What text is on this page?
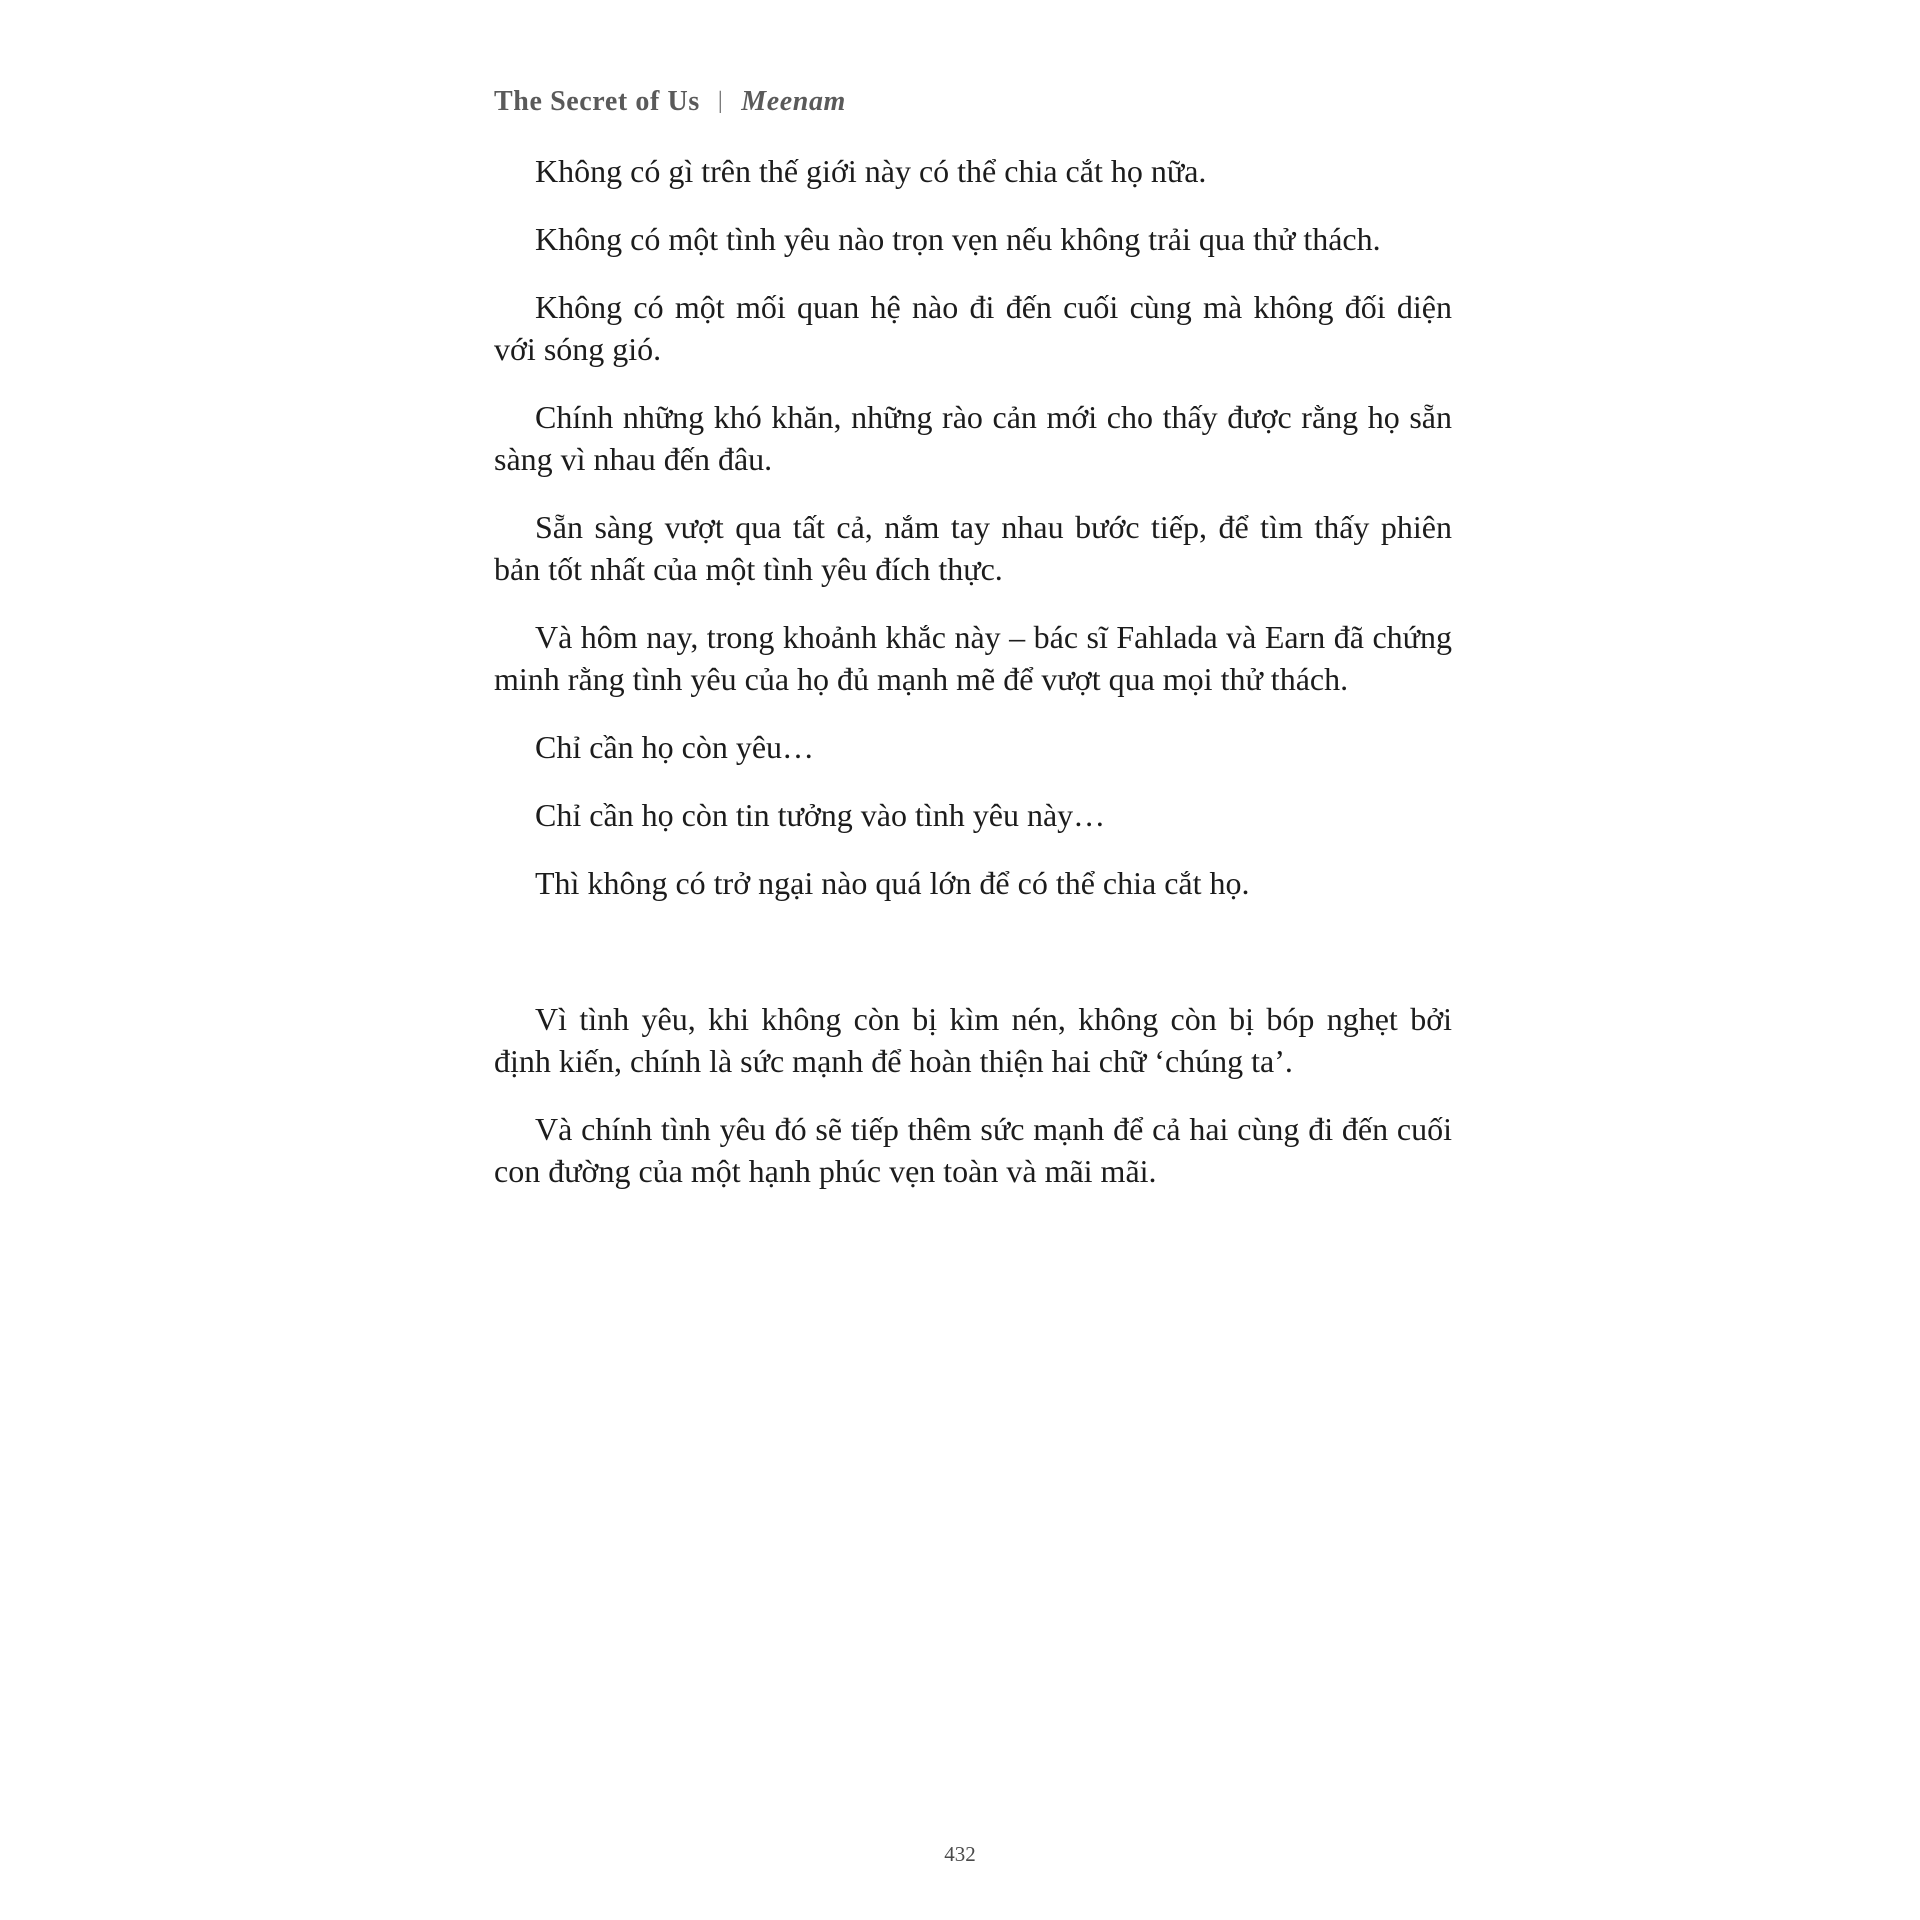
The Secret of Us | Meenam

Không có gì trên thế giới này có thể chia cắt họ nữa.

Không có một tình yêu nào trọn vẹn nếu không trải qua thử thách.

Không có một mối quan hệ nào đi đến cuối cùng mà không đối diện với sóng gió.

Chính những khó khăn, những rào cản mới cho thấy được rằng họ sẵn sàng vì nhau đến đâu.

Sẵn sàng vượt qua tất cả, nắm tay nhau bước tiếp, để tìm thấy phiên bản tốt nhất của một tình yêu đích thực.

Và hôm nay, trong khoảnh khắc này – bác sĩ Fahlada và Earn đã chứng minh rằng tình yêu của họ đủ mạnh mẽ để vượt qua mọi thử thách.

Chỉ cần họ còn yêu…

Chỉ cần họ còn tin tưởng vào tình yêu này…

Thì không có trở ngại nào quá lớn để có thể chia cắt họ.

Vì tình yêu, khi không còn bị kìm nén, không còn bị bóp nghẹt bởi định kiến, chính là sức mạnh để hoàn thiện hai chữ ‘chúng ta’.

Và chính tình yêu đó sẽ tiếp thêm sức mạnh để cả hai cùng đi đến cuối con đường của một hạnh phúc vẹn toàn và mãi mãi.

432
